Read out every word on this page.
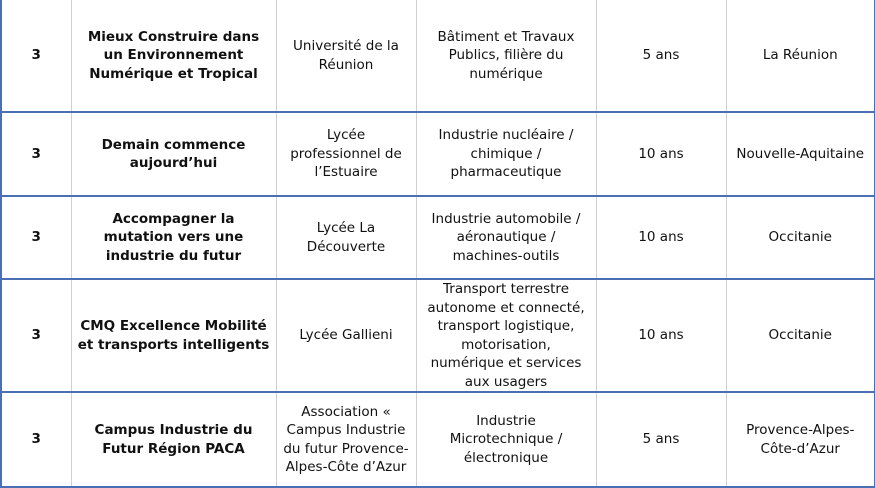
3	Mieux Construire dans un Environnement Numérique et Tropical	Université de la Réunion	Bâtiment et Travaux Publics, filière du numérique	5 ans	La Réunion
3	Demain commence aujourd’hui	Lycée professionnel de l’Estuaire	Industrie nucléaire / chimique / pharmaceutique	10 ans	Nouvelle-Aquitaine
3	Accompagner la mutation vers une industrie du futur	Lycée La Découverte	Industrie automobile / aéronautique / machines-outils	10 ans	Occitanie
3	CMQ Excellence Mobilité et transports intelligents	Lycée Gallieni	Transport terrestre autonome et connecté, transport logistique, motorisation, numérique et services aux usagers	10 ans	Occitanie
3	Campus Industrie du Futur Région PACA	Association « Campus Industrie du futur Provence-Alpes-Côte d’Azur	Industrie Microtechnique / électronique	5 ans	Provence-Alpes-Côte-d’Azur
